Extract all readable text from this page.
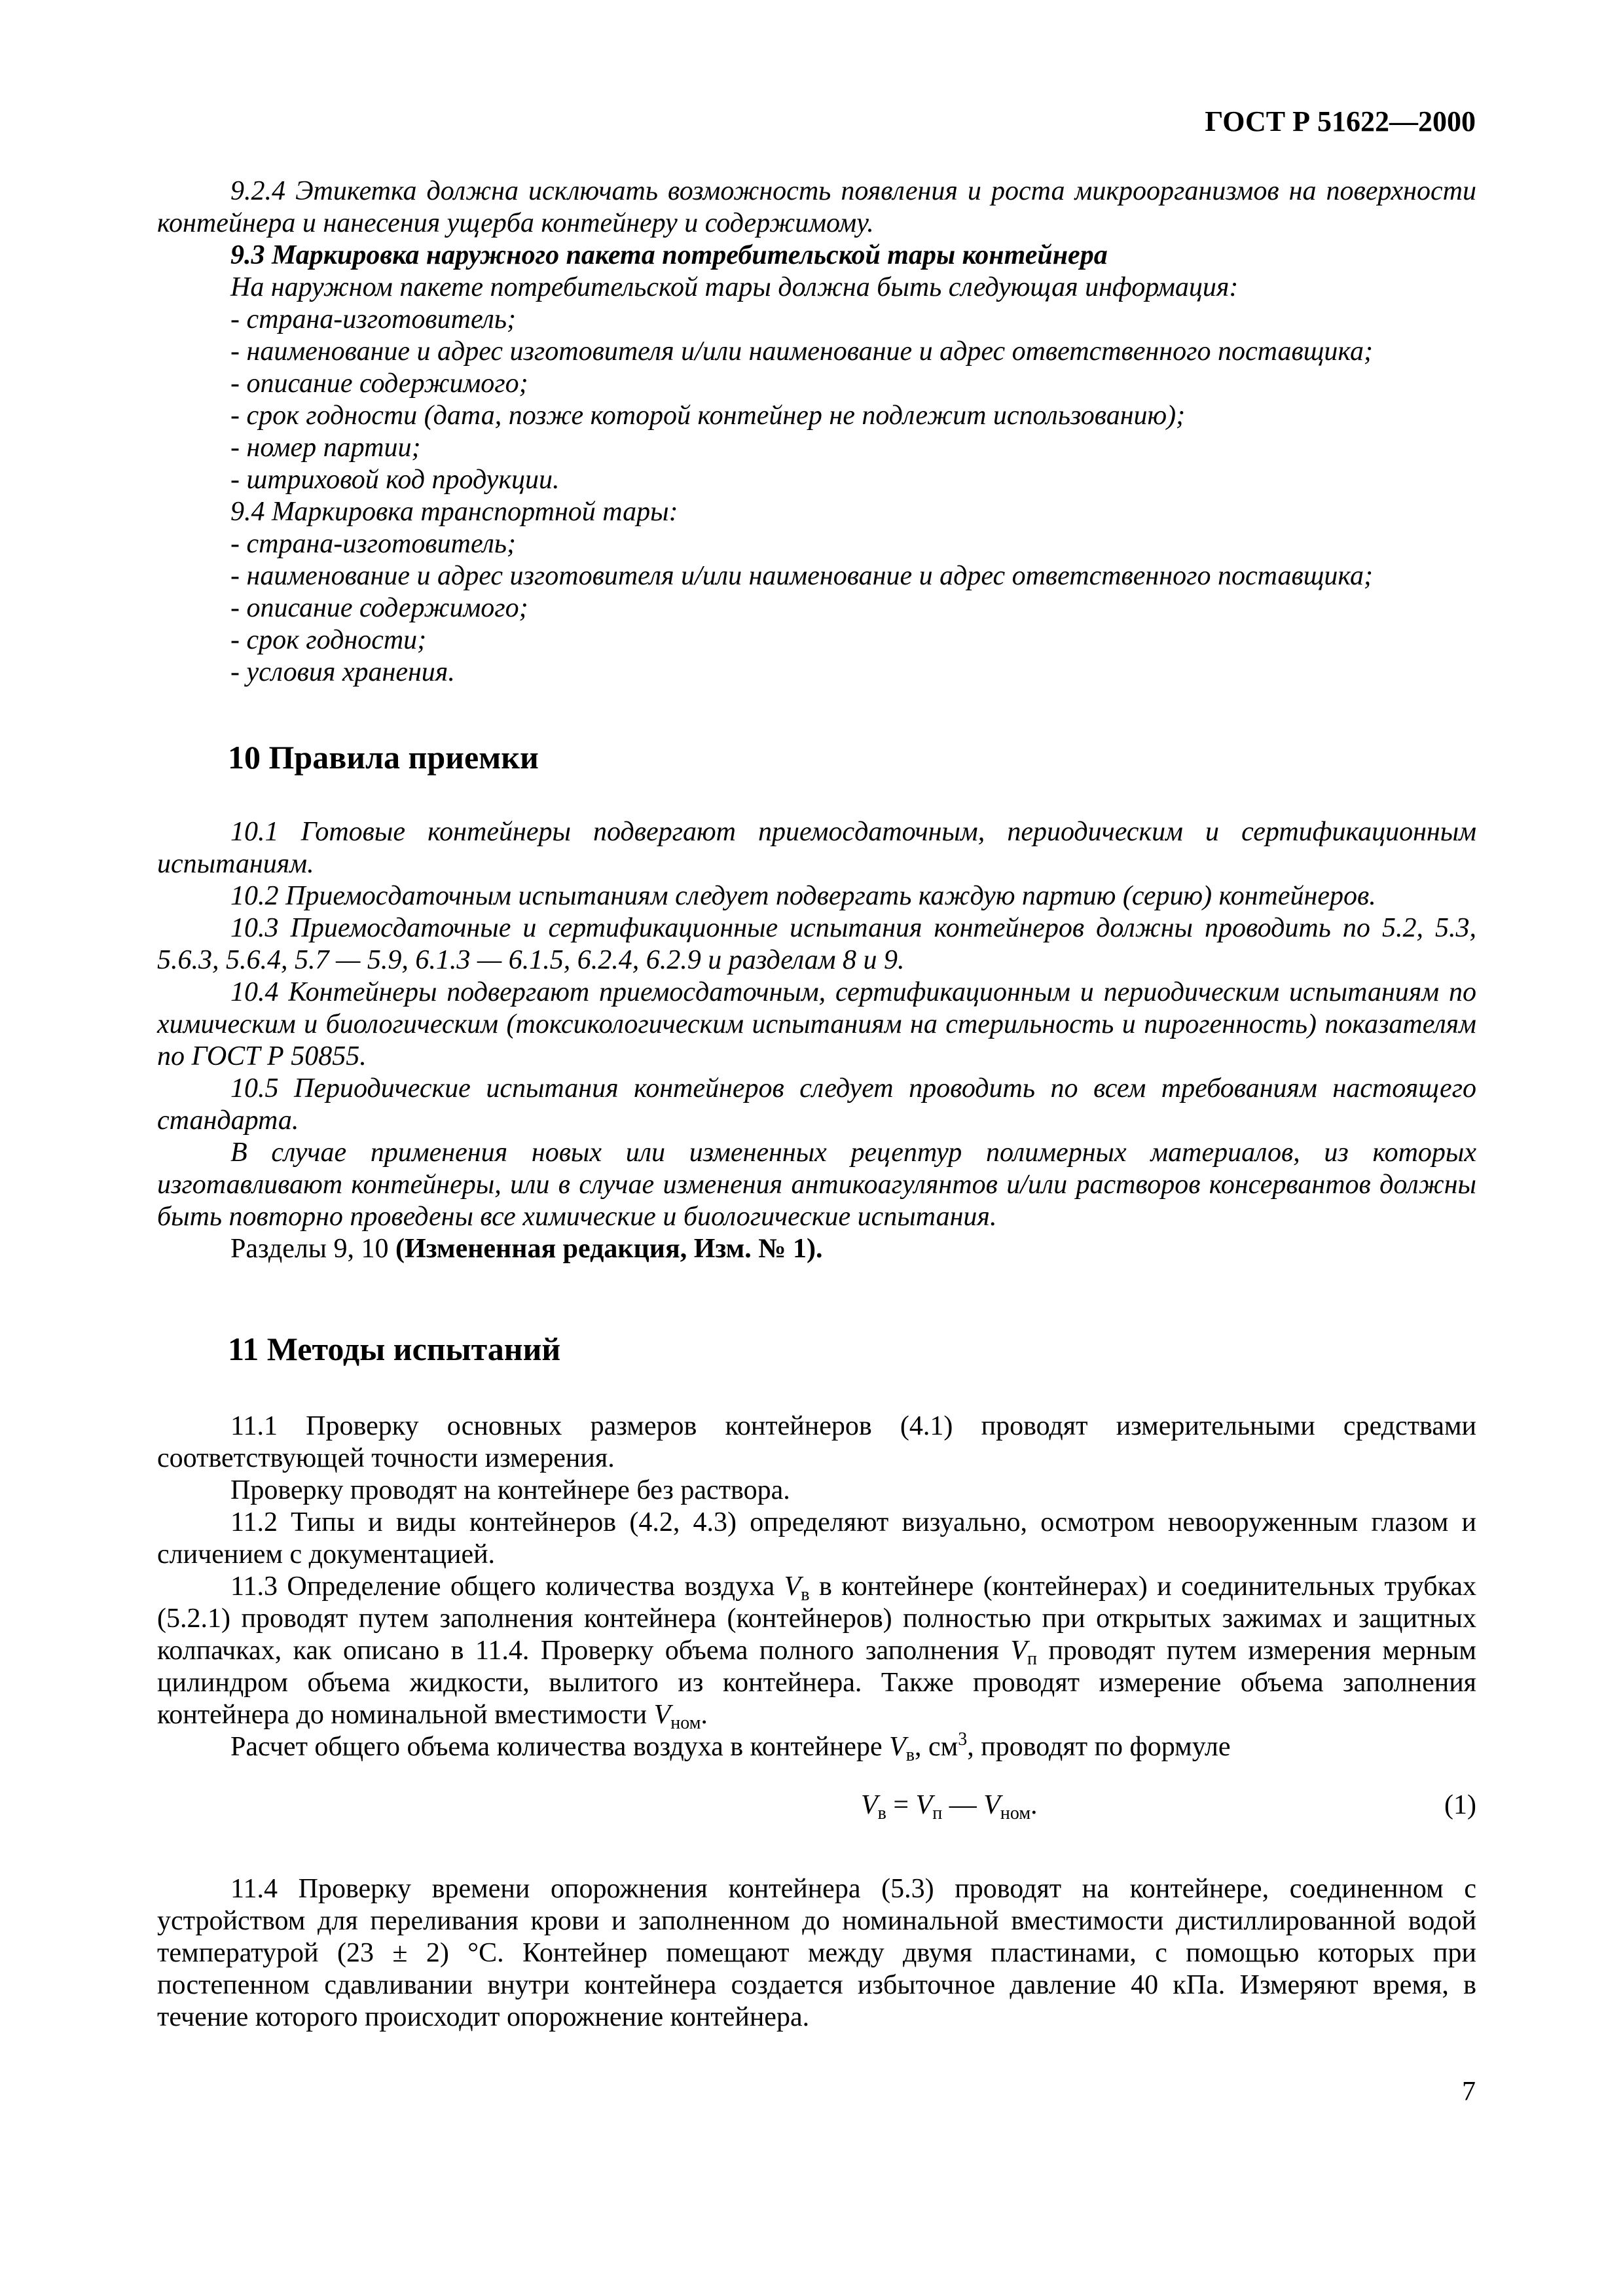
ГОСТ Р 51622—2000

9.2.4 Этикетка должна исключать возможность появления и роста микроорганизмов на поверхности контейнера и нанесения ущерба контейнеру и содержимому.

9.3 Маркировка наружного пакета потребительской тары контейнера

На наружном пакете потребительской тары должна быть следующая информация:

- страна-изготовитель;

- наименование и адрес изготовителя и/или наименование и адрес ответственного поставщика;

- описание содержимого;

- срок годности (дата, позже которой контейнер не подлежит использованию);

- номер партии;

- штриховой код продукции.

9.4 Маркировка транспортной тары:

- страна-изготовитель;

- наименование и адрес изготовителя и/или наименование и адрес ответственного поставщика;

- описание содержимого;

- срок годности;

- условия хранения.

10 Правила приемки

10.1 Готовые контейнеры подвергают приемосдаточным, периодическим и сертификационным испытаниям.

10.2 Приемосдаточным испытаниям следует подвергать каждую партию (серию) контейнеров.

10.3 Приемосдаточные и сертификационные испытания контейнеров должны проводить по 5.2, 5.3, 5.6.3, 5.6.4, 5.7 — 5.9, 6.1.3 — 6.1.5, 6.2.4, 6.2.9 и разделам 8 и 9.

10.4 Контейнеры подвергают приемосдаточным, сертификационным и периодическим испытаниям по химическим и биологическим (токсикологическим испытаниям на стерильность и пирогенность) показателям по ГОСТ Р 50855.

10.5 Периодические испытания контейнеров следует проводить по всем требованиям настоящего стандарта.

В случае применения новых или измененных рецептур полимерных материалов, из которых изготавливают контейнеры, или в случае изменения антикоагулянтов и/или растворов консервантов должны быть повторно проведены все химические и биологические испытания.

Разделы 9, 10 (Измененная редакция, Изм. № 1).

11 Методы испытаний

11.1 Проверку основных размеров контейнеров (4.1) проводят измерительными средствами соответствующей точности измерения.

Проверку проводят на контейнере без раствора.

11.2 Типы и виды контейнеров (4.2, 4.3) определяют визуально, осмотром невооруженным глазом и сличением с документацией.

11.3 Определение общего количества воздуха $V_в$ в контейнере (контейнерах) и соединительных трубках (5.2.1) проводят путем заполнения контейнера (контейнеров) полностью при открытых зажимах и защитных колпачках, как описано в 11.4. Проверку объема полного заполнения $V_п$ проводят путем измерения мерным цилиндром объема жидкости, вылитого из контейнера. Также проводят измерение объема заполнения контейнера до номинальной вместимости $V_{ном}$.

Расчет общего объема количества воздуха в контейнере $V_в$, $см^3$, проводят по формуле

$V_в = V_п$ — $V_{ном}$.	(1)

11.4 Проверку времени опорожнения контейнера (5.3) проводят на контейнере, соединенном с устройством для переливания крови и заполненном до номинальной вместимости дистиллированной водой температурой (23 ± 2) °С. Контейнер помещают между двумя пластинами, с помощью которых при постепенном сдавливании внутри контейнера создается избыточное давление 40 кПа. Измеряют время, в течение которого происходит опорожнение контейнера.

7
